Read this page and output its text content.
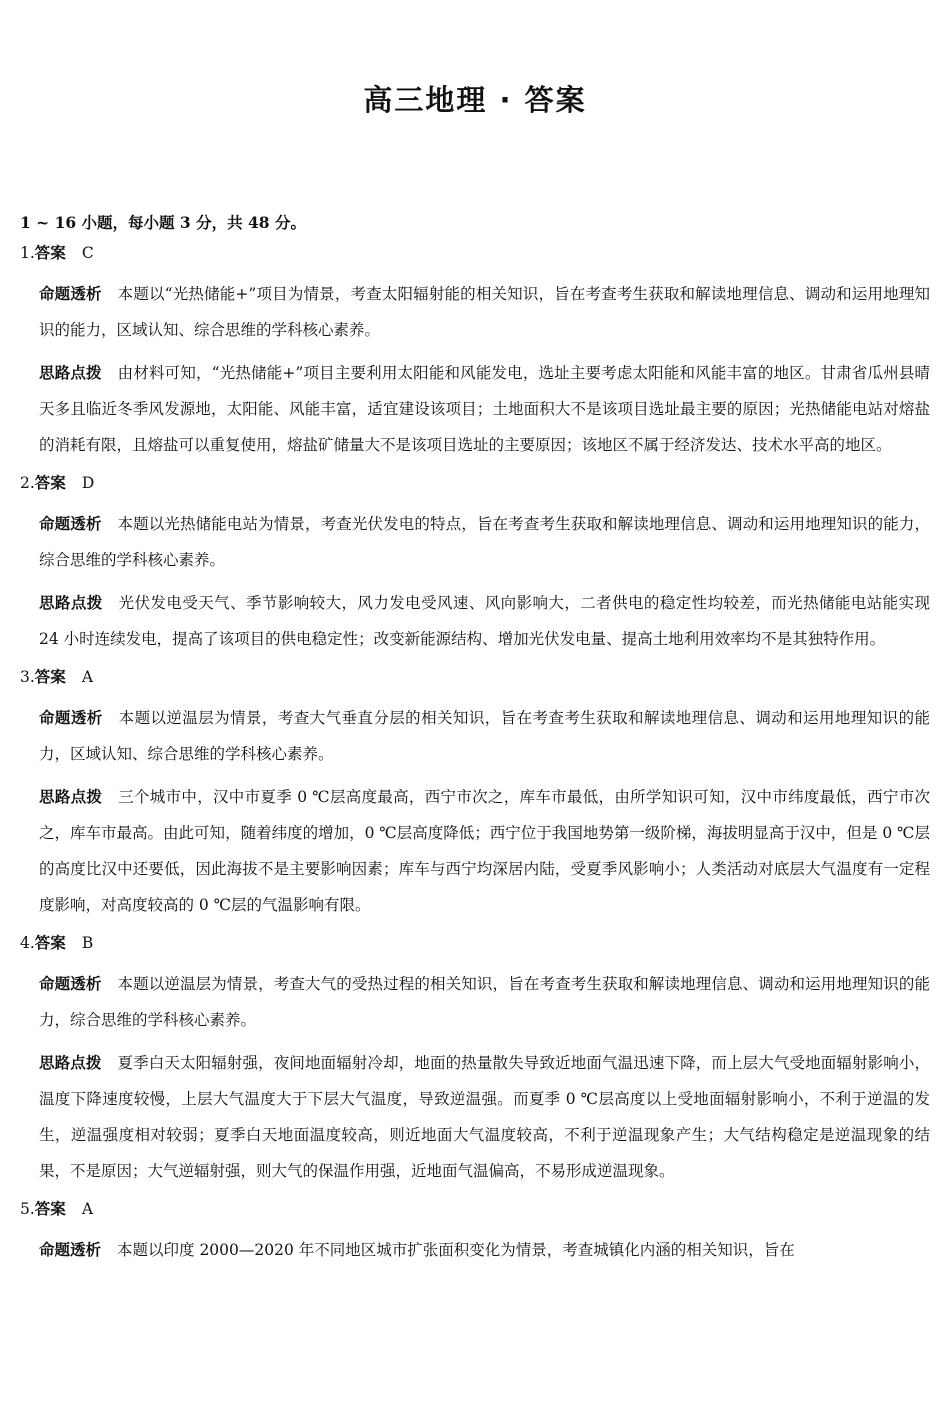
高三地理 · 答案
1 ~ 16 小题，每小题 3 分，共 48 分。
1.答案 C

命题透析 本题以“光热储能+”项目为情景，考查太阳辐射能的相关知识，旨在考查考生获取和解读地理信息、调动和运用地理知识的能力，区域认知、综合思维的学科核心素养。

思路点拨 由材料可知，“光热储能+”项目主要利用太阳能和风能发电，选址主要考虑太阳能和风能丰富的地区。甘肃省瓜州县晴天多且临近冬季风发源地，太阳能、风能丰富，适宜建设该项目；土地面积大不是该项目选址最主要的原因；光热储能电站对熔盐的消耗有限，且熔盐可以重复使用，熔盐矿储量大不是该项目选址的主要原因；该地区不属于经济发达、技术水平高的地区。

2.答案 D

命题透析 本题以光热储能电站为情景，考查光伏发电的特点，旨在考查考生获取和解读地理信息、调动和运用地理知识的能力，综合思维的学科核心素养。

思路点拨 光伏发电受天气、季节影响较大，风力发电受风速、风向影响大，二者供电的稳定性均较差，而光热储能电站能实现 24 小时连续发电，提高了该项目的供电稳定性；改变新能源结构、增加光伏发电量、提高土地利用效率均不是其独特作用。

3.答案 A

命题透析 本题以逆温层为情景，考查大气垂直分层的相关知识，旨在考查考生获取和解读地理信息、调动和运用地理知识的能力，区域认知、综合思维的学科核心素养。

思路点拨 三个城市中，汉中市夏季 0 ℃层高度最高，西宁市次之，库车市最低，由所学知识可知，汉中市纬度最低，西宁市次之，库车市最高。由此可知，随着纬度的增加，0 ℃层高度降低；西宁位于我国地势第一级阶梯，海拔明显高于汉中，但是 0 ℃层的高度比汉中还要低，因此海拔不是主要影响因素；库车与西宁均深居内陆，受夏季风影响小；人类活动对底层大气温度有一定程度影响，对高度较高的 0 ℃层的气温影响有限。

4.答案 B

命题透析 本题以逆温层为情景，考查大气的受热过程的相关知识，旨在考查考生获取和解读地理信息、调动和运用地理知识的能力，综合思维的学科核心素养。

思路点拨 夏季白天太阳辐射强，夜间地面辐射冷却，地面的热量散失导致近地面气温迅速下降，而上层大气受地面辐射影响小，温度下降速度较慢，上层大气温度大于下层大气温度，导致逆温强。而夏季 0 ℃层高度以上受地面辐射影响小，不利于逆温的发生，逆温强度相对较弱；夏季白天地面温度较高，则近地面大气温度较高，不利于逆温现象产生；大气结构稳定是逆温现象的结果，不是原因；大气逆辐射强，则大气的保温作用强，近地面气温偏高，不易形成逆温现象。

5.答案 A

命题透析 本题以印度 2000—2020 年不同地区城市扩张面积变化为情景，考查城镇化内涵的相关知识，旨在
